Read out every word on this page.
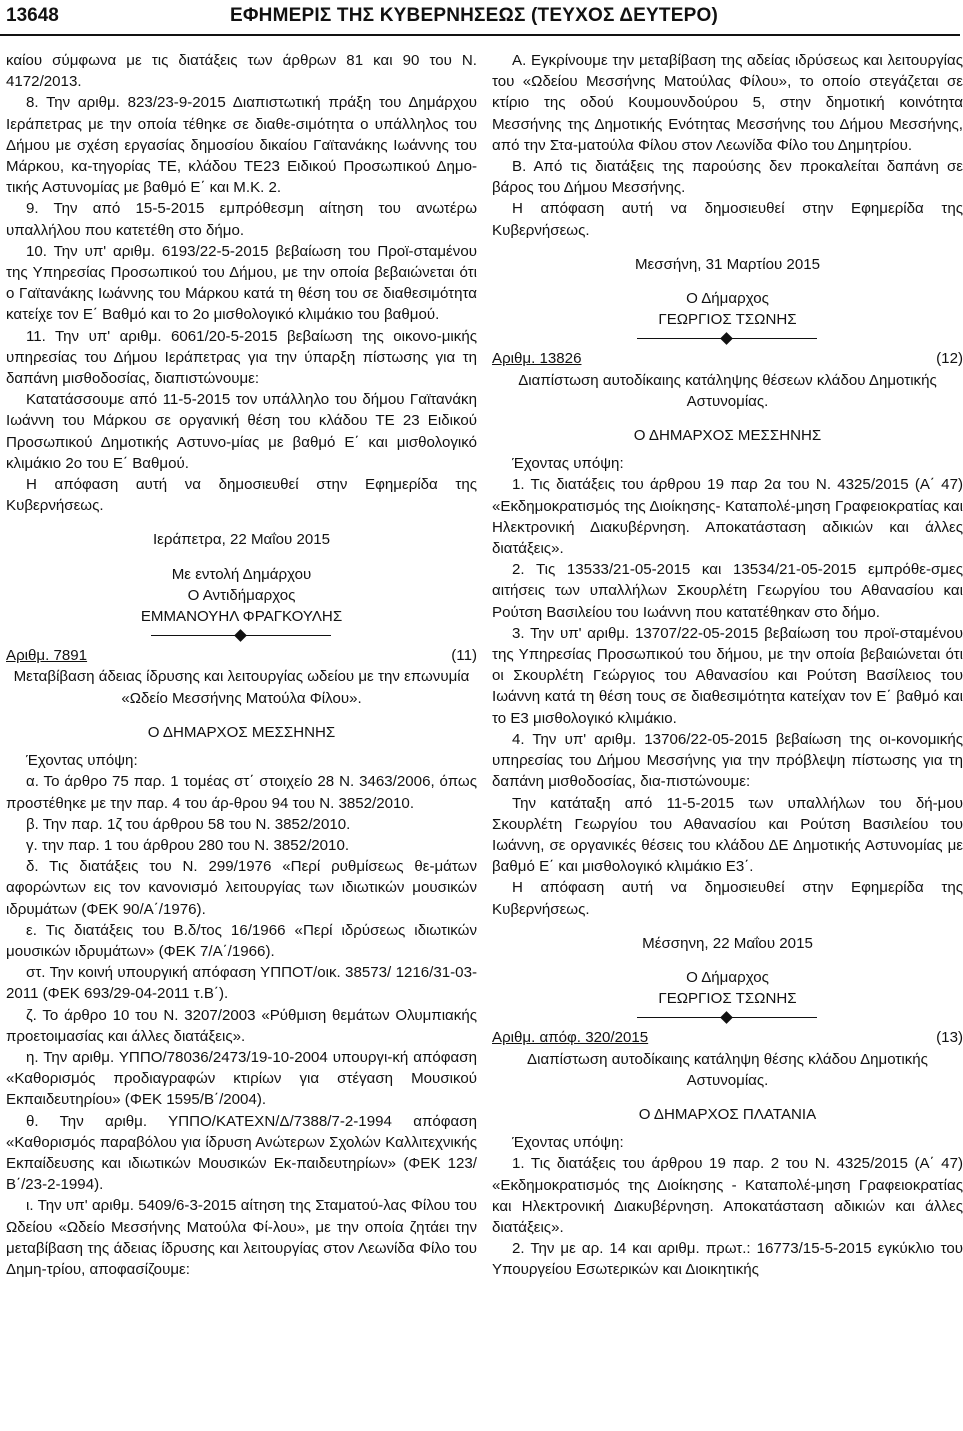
13648	ΕΦΗΜΕΡΙΣ ΤΗΣ ΚΥΒΕΡΝΗΣΕΩΣ (ΤΕΥΧΟΣ ΔΕΥΤΕΡΟ)

καίου σύμφωνα με τις διατάξεις των άρθρων 81 και 90 του Ν. 4172/2013.

8. Την αριθμ. 823/23-9-2015 Διαπιστωτική πράξη του Δημάρχου Ιεράπετρας με την οποία τέθηκε σε διαθε-σιμότητα ο υπάλληλος του Δήμου με σχέση εργασίας δημοσίου δικαίου Γαϊτανάκης Ιωάννης του Μάρκου, κα-τηγορίας ΤΕ, κλάδου ΤΕ23 Ειδικού Προσωπικού Δημο-τικής Αστυνομίας με βαθμό Ε΄ και Μ.Κ. 2.

9. Την από 15-5-2015 εμπρόθεσμη αίτηση του ανωτέρω υπαλλήλου που κατετέθη στο δήμο.

10. Την υπ' αριθμ. 6193/22-5-2015 βεβαίωση του Προϊ-σταμένου της Υπηρεσίας Προσωπικού του Δήμου, με την οποία βεβαιώνεται ότι ο Γαϊτανάκης Ιωάννης του Μάρκου κατά τη θέση του σε διαθεσιμότητα κατείχε τον Ε΄ Βαθμό και το 2ο μισθολογικό κλιμάκιο του βαθμού.

11. Την υπ' αριθμ. 6061/20-5-2015 βεβαίωση της οικονο-μικής υπηρεσίας του Δήμου Ιεράπετρας για την ύπαρξη πίστωσης για τη δαπάνη μισθοδοσίας, διαπιστώνουμε:

Κατατάσσουμε από 11-5-2015 τον υπάλληλο του δήμου Γαϊτανάκη Ιωάννη του Μάρκου σε οργανική θέση του κλάδου ΤΕ 23 Ειδικού Προσωπικού Δημοτικής Αστυνο-μίας με βαθμό Ε΄ και μισθολογικό κλιμάκιο 2ο του Ε΄ Βαθμού.

Η απόφαση αυτή να δημοσιευθεί στην Εφημερίδα της Κυβερνήσεως.

Ιεράπετρα, 22 Μαΐου 2015

Με εντολή Δημάρχου

Ο Αντιδήμαρχος

ΕΜΜΑΝΟΥΗΛ ΦΡΑΓΚΟΥΛΗΣ

Αριθμ. 7891	(11)

Μεταβίβαση άδειας ίδρυσης και λειτουργίας ωδείου με την επωνυμία «Ωδείο Μεσσήνης Ματούλα Φίλου».

Ο ΔΗΜΑΡΧΟΣ ΜΕΣΣΗΝΗΣ

Έχοντας υπόψη:

α. Το άρθρο 75 παρ. 1 τομέας στ΄ στοιχείο 28 Ν. 3463/2006, όπως προστέθηκε με την παρ. 4 του άρ-θρου 94 του Ν. 3852/2010.

β. Την παρ. 1ζ του άρθρου 58 του Ν. 3852/2010.

γ. την παρ. 1 του άρθρου 280 του Ν. 3852/2010.

δ. Τις διατάξεις του Ν. 299/1976 «Περί ρυθμίσεως θε-μάτων αφορώντων εις τον κανονισμό λειτουργίας των ιδιωτικών μουσικών ιδρυμάτων (ΦΕΚ 90/Α΄/1976).

ε. Τις διατάξεις του Β.δ/τος 16/1966 «Περί ιδρύσεως ιδιωτικών μουσικών ιδρυμάτων» (ΦΕΚ 7/Α΄/1966).

στ. Την κοινή υπουργική απόφαση ΥΠΠΟΤ/οικ. 38573/ 1216/31-03-2011 (ΦΕΚ 693/29-04-2011 τ.Β΄).

ζ. Το άρθρο 10 του Ν. 3207/2003 «Ρύθμιση θεμάτων Ολυμπιακής προετοιμασίας και άλλες διατάξεις».

η. Την αριθμ. ΥΠΠΟ/78036/2473/19-10-2004 υπουργι-κή απόφαση «Καθορισμός προδιαγραφών κτιρίων για στέγαση Μουσικού Εκπαιδευτηρίου» (ΦΕΚ 1595/Β΄/2004).

θ. Την αριθμ. ΥΠΠΟ/ΚΑΤΕΧΝ/Δ/7388/7-2-1994 απόφαση «Καθορισμός παραβόλου για ίδρυση Ανώτερων Σχολών Καλλιτεχνικής Εκπαίδευσης και ιδιωτικών Μουσικών Εκ-παιδευτηρίων» (ΦΕΚ 123/Β΄/23-2-1994).

ι. Την υπ' αριθμ. 5409/6-3-2015 αίτηση της Σταματού-λας Φίλου του Ωδείου «Ωδείο Μεσσήνης Ματούλα Φί-λου», με την οποία ζητάει την μεταβίβαση της άδειας ίδρυσης και λειτουργίας στον Λεωνίδα Φίλο του Δημη-τρίου, αποφασίζουμε:

Α. Εγκρίνουμε την μεταβίβαση της αδείας ιδρύσεως και λειτουργίας του «Ωδείου Μεσσήνης Ματούλας Φίλου», το οποίο στεγάζεται σε κτίριο της οδού Κουμουνδούρου 5, στην δημοτική κοινότητα Μεσσήνης της Δημοτικής Ενότητας Μεσσήνης του Δήμου Μεσσήνης, από την Στα-ματούλα Φίλου στον Λεωνίδα Φίλο του Δημητρίου.

Β. Από τις διατάξεις της παρούσης δεν προκαλείται δαπάνη σε βάρος του Δήμου Μεσσήνης.

Η απόφαση αυτή να δημοσιευθεί στην Εφημερίδα της Κυβερνήσεως.

Μεσσήνη, 31 Μαρτίου 2015

Ο Δήμαρχος

ΓΕΩΡΓΙΟΣ ΤΣΩΝΗΣ

Αριθμ. 13826	(12)

Διαπίστωση αυτοδίκαιης κατάληψης θέσεων κλάδου Δημοτικής Αστυνομίας.

Ο ΔΗΜΑΡΧΟΣ ΜΕΣΣΗΝΗΣ

Έχοντας υπόψη:

1. Τις διατάξεις του άρθρου 19 παρ 2α του Ν. 4325/2015 (Α΄ 47) «Εκδημοκρατισμός της Διοίκησης- Καταπολέ-μηση Γραφειοκρατίας και Ηλεκτρονική Διακυβέρνηση. Αποκατάσταση αδικιών και άλλες διατάξεις».

2. Τις 13533/21-05-2015 και 13534/21-05-2015 εμπρόθε-σμες αιτήσεις των υπαλλήλων Σκουρλέτη Γεωργίου του Αθανασίου και Ρούτση Βασιλείου του Ιωάννη που κατατέθηκαν στο δήμο.

3. Την υπ' αριθμ. 13707/22-05-2015 βεβαίωση του προϊ-σταμένου της Υπηρεσίας Προσωπικού του δήμου, με την οποία βεβαιώνεται ότι οι Σκουρλέτη Γεώργιος του Αθανασίου και Ρούτση Βασίλειος του Ιωάννη κατά τη θέση τους σε διαθεσιμότητα κατείχαν τον Ε΄ βαθμό και το Ε3 μισθολογικό κλιμάκιο.

4. Την υπ' αριθμ. 13706/22-05-2015 βεβαίωση της οι-κονομικής υπηρεσίας του Δήμου Μεσσήνης για την πρόβλεψη πίστωσης για τη δαπάνη μισθοδοσίας, δια-πιστώνουμε:

Την κατάταξη από 11-5-2015 των υπαλλήλων του δή-μου Σκουρλέτη Γεωργίου του Αθανασίου και Ρούτση Βασιλείου του Ιωάννη, σε οργανικές θέσεις του κλάδου ΔΕ Δημοτικής Αστυνομίας με βαθμό Ε΄ και μισθολογικό κλιμάκιο Ε3΄.

Η απόφαση αυτή να δημοσιευθεί στην Εφημερίδα της Κυβερνήσεως.

Μέσσηνη, 22 Μαΐου 2015

Ο Δήμαρχος

ΓΕΩΡΓΙΟΣ ΤΣΩΝΗΣ

Αριθμ. απόφ. 320/2015	(13)

Διαπίστωση αυτοδίκαιης κατάληψη θέσης κλάδου Δημοτικής Αστυνομίας.

Ο ΔΗΜΑΡΧΟΣ ΠΛΑΤΑΝΙΑ

Έχοντας υπόψη:

1. Τις διατάξεις του άρθρου 19 παρ. 2 του Ν. 4325/2015 (Α΄ 47) «Εκδημοκρατισμός της Διοίκησης - Καταπολέ-μηση Γραφειοκρατίας και Ηλεκτρονική Διακυβέρνηση. Αποκατάσταση αδικιών και άλλες διατάξεις».

2. Την με αρ. 14 και αριθμ. πρωτ.: 16773/15-5-2015 εγκύκλιο του Υπουργείου Εσωτερικών και Διοικητικής
